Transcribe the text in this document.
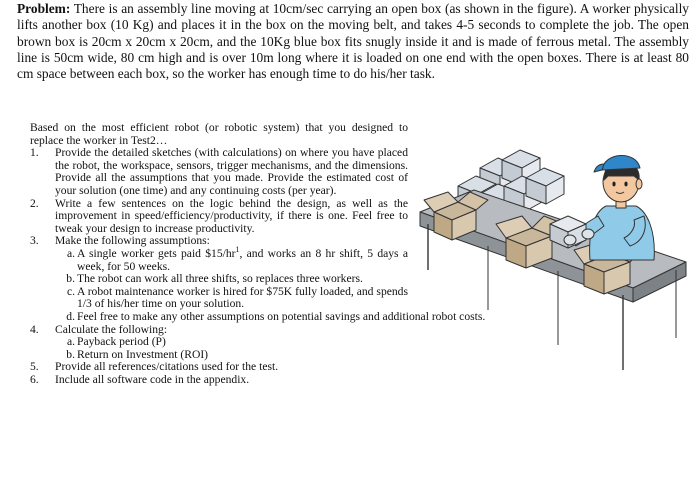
Problem: There is an assembly line moving at 10cm/sec carrying an open box (as shown in the figure). A worker physically lifts another box (10 Kg) and places it in the box on the moving belt, and takes 4-5 seconds to complete the job. The open brown box is 20cm x 20cm x 20cm, and the 10Kg blue box fits snugly inside it and is made of ferrous metal. The assembly line is 50cm wide, 80 cm high and is over 10m long where it is loaded on one end with the open boxes. There is at least 80 cm space between each box, so the worker has enough time to do his/her task.

Based on the most efficient robot (or robotic system) that you designed to replace the worker in Test2…

1.	Provide the detailed sketches (with calculations) on where you have placed the robot, the workspace, sensors, trigger mechanisms, and the dimensions. Provide all the assumptions that you made. Provide the estimated cost of your solution (one time) and any continuing costs (per year).
2.	Write a few sentences on the logic behind the design, as well as the improvement in speed/efficiency/productivity, if there is one. Feel free to tweak your design to increase productivity.
3.	Make the following assumptions:
a. A single worker gets paid $\$15/hr^1$, and works an 8 hr shift, 5 days a week, for 50 weeks.
b. The robot can work all three shifts, so replaces three workers.
c. A robot maintenance worker is hired for $75K fully loaded, and spends 1/3 of his/her time on your solution.
d. Feel free to make any other assumptions on potential savings and additional robot costs.
4.	Calculate the following:
a. Payback period (P)
b. Return on Investment (ROI)
5.	Provide all references/citations used for the test.
6.	Include all software code in the appendix.
